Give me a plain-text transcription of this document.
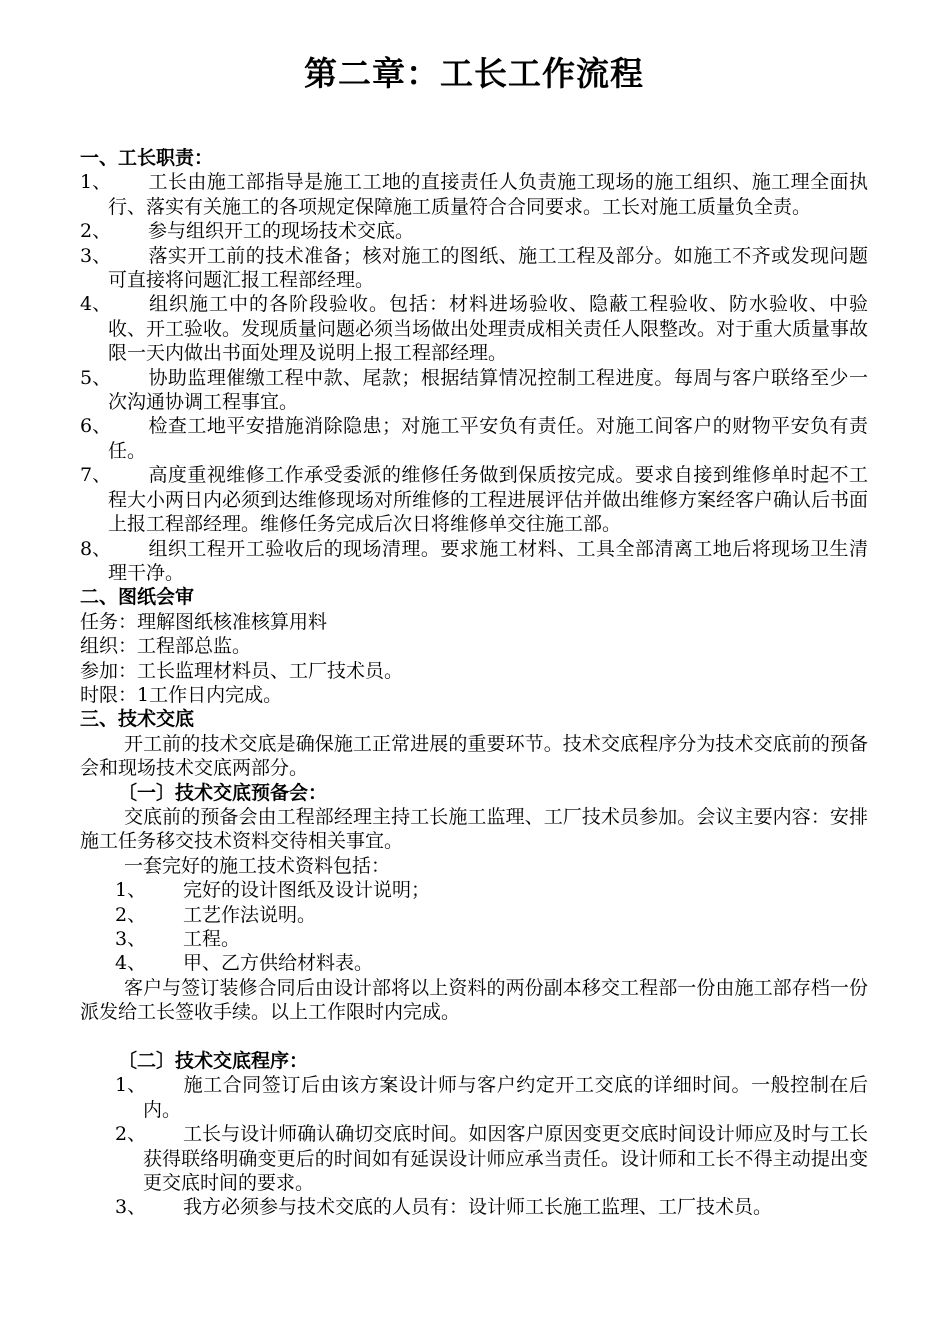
第二章：工长工作流程

一、工长职责：

1、 工长由施工部指导是施工工地的直接责任人负责施工现场的施工组织、施工理全面执行、落实有关施工的各项规定保障施工质量符合合同要求。工长对施工质量负全责。
2、 参与组织开工的现场技术交底。
3、 落实开工前的技术准备；核对施工的图纸、施工工程及部分。如施工不齐或发现问题可直接将问题汇报工程部经理。
4、 组织施工中的各阶段验收。包括：材料进场验收、隐蔽工程验收、防水验收、中验收、开工验收。发现质量问题必须当场做出处理责成相关责任人限整改。对于重大质量事故限一天内做出书面处理及说明上报工程部经理。
5、 协助监理催缴工程中款、尾款；根据结算情况控制工程进度。每周与客户联络至少一次沟通协调工程事宜。
6、 检查工地平安措施消除隐患；对施工平安负有责任。对施工间客户的财物平安负有责任。
7、 高度重视维修工作承受委派的维修任务做到保质按完成。要求自接到维修单时起不工程大小两日内必须到达维修现场对所维修的工程进展评估并做出维修方案经客户确认后书面上报工程部经理。维修任务完成后次日将维修单交往施工部。
8、 组织工程开工验收后的现场清理。要求施工材料、工具全部清离工地后将现场卫生清理干净。

二、图纸会审

任务：理解图纸核准核算用料

组织：工程部总监。

参加：工长监理材料员、工厂技术员。

时限：1工作日内完成。

三、技术交底

开工前的技术交底是确保施工正常进展的重要环节。技术交底程序分为技术交底前的预备会和现场技术交底两部分。

〔一〕技术交底预备会：

交底前的预备会由工程部经理主持工长施工监理、工厂技术员参加。会议主要内容：安排施工任务移交技术资料交待相关事宜。

一套完好的施工技术资料包括：

1、 完好的设计图纸及设计说明；
2、 工艺作法说明。
3、 工程。
4、 甲、乙方供给材料表。

客户与签订装修合同后由设计部将以上资料的两份副本移交工程部一份由施工部存档一份派发给工长签收手续。以上工作限时内完成。

〔二〕技术交底程序：

1、 施工合同签订后由该方案设计师与客户约定开工交底的详细时间。一般控制在后内。
2、 工长与设计师确认确切交底时间。如因客户原因变更交底时间设计师应及时与工长获得联络明确变更后的时间如有延误设计师应承当责任。设计师和工长不得主动提出变更交底时间的要求。
3、 我方必须参与技术交底的人员有：设计师工长施工监理、工厂技术员。
